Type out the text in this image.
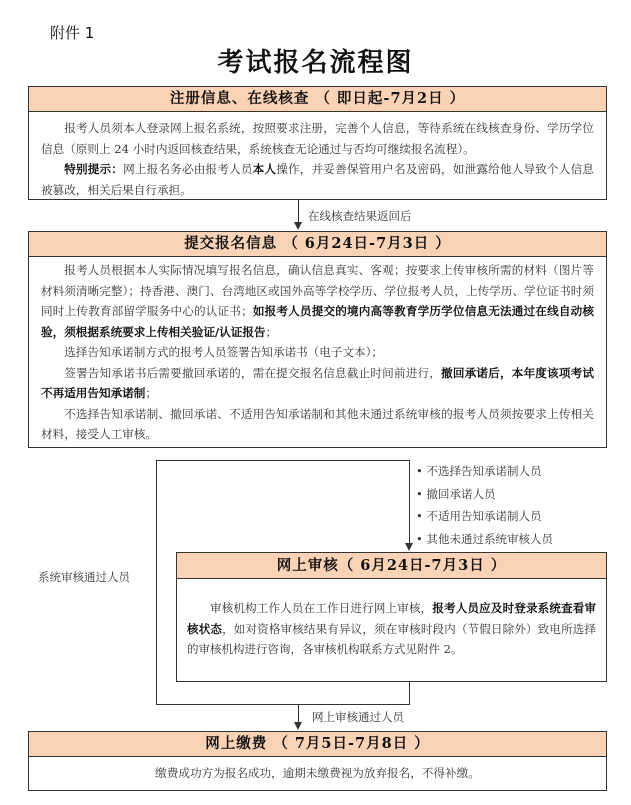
附件 1
考试报名流程图
注册信息、在线核查 （ 即日起-7月2日 ）

报考人员须本人登录网上报名系统，按照要求注册，完善个人信息，等待系统在线核查身份、学历学位信息（原则上 24 小时内返回核查结果，系统核查无论通过与否均可继续报名流程）。

特别提示：网上报名务必由报考人员本人操作，并妥善保管用户名及密码，如泄露给他人导致个人信息被篡改，相关后果自行承担。

在线核查结果返回后
提交报名信息 （ 6月24日-7月3日 ）

报考人员根据本人实际情况填写报名信息，确认信息真实、客观；按要求上传审核所需的材料（图片等材料须清晰完整）；持香港、澳门、台湾地区或国外高等学校学历、学位报考人员，上传学历、学位证书时须同时上传教育部留学服务中心的认证书；如报考人员提交的境内高等教育学历学位信息无法通过在线自动核验，须根据系统要求上传相关验证/认证报告；

选择告知承诺制方式的报考人员签署告知承诺书（电子文本）；

签署告知承诺书后需要撤回承诺的，需在提交报名信息截止时间前进行，撤回承诺后，本年度该项考试不再适用告知承诺制；

不选择告知承诺制、撤回承诺、不适用告知承诺制和其他未通过系统审核的报考人员须按要求上传相关材料，接受人工审核。

• 不选择告知承诺制人员
• 撤回承诺人员
• 不适用告知承诺制人员
• 其他未通过系统审核人员
系统审核通过人员
网上审核（ 6月24日-7月3日 ）

审核机构工作人员在工作日进行网上审核，报考人员应及时登录系统查看审核状态，如对资格审核结果有异议，须在审核时段内（节假日除外）致电所选择的审核机构进行咨询，各审核机构联系方式见附件 2。

网上审核通过人员
网上缴费 （ 7月5日-7月8日 ）

缴费成功方为报名成功，逾期未缴费视为放弃报名，不得补缴。
